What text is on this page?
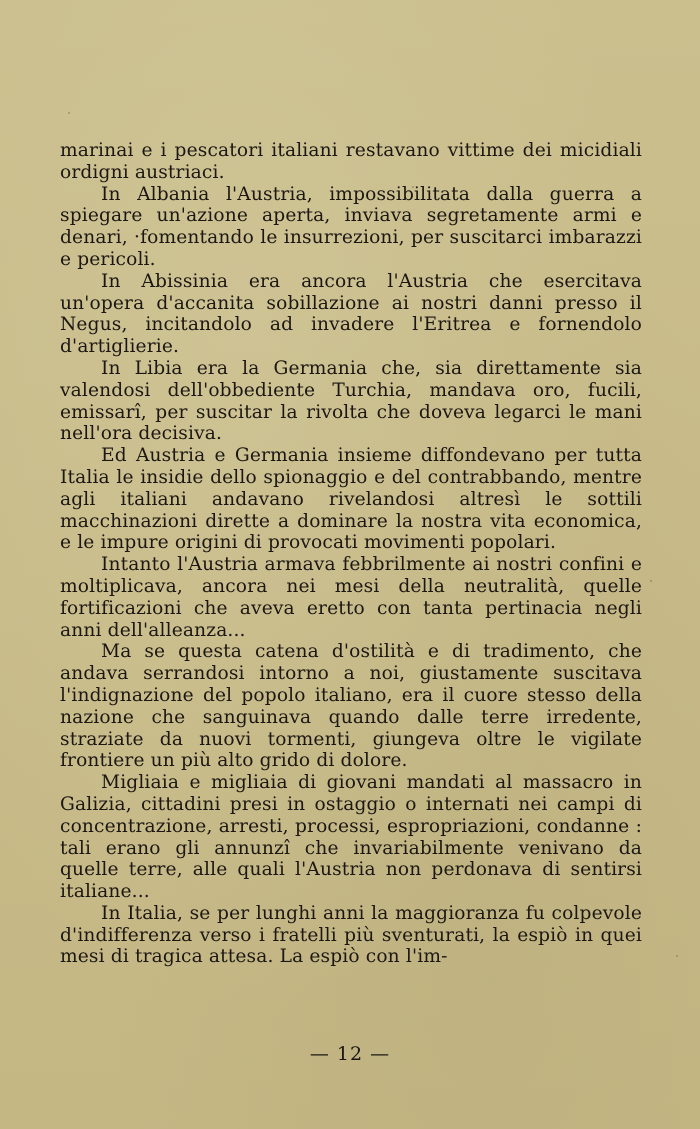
marinai e i pescatori italiani restavano vittime dei micidiali ordigni austriaci.

In Albania l'Austria, impossibilitata dalla guerra a spiegare un'azione aperta, inviava segretamente armi e denari, ·fomentando le insurrezioni, per suscitarci imbarazzi e pericoli.

In Abissinia era ancora l'Austria che esercitava un'opera d'accanita sobillazione ai nostri danni presso il Negus, incitandolo ad invadere l'Eritrea e fornendolo d'artiglierie.

In Libia era la Germania che, sia direttamente sia valendosi dell'obbediente Turchia, mandava oro, fucili, emissarî, per suscitar la rivolta che doveva legarci le mani nell'ora decisiva.

Ed Austria e Germania insieme diffondevano per tutta Italia le insidie dello spionaggio e del contrabbando, mentre agli italiani andavano rivelandosi altresì le sottili macchinazioni dirette a dominare la nostra vita economica, e le impure origini di provocati movimenti popolari.

Intanto l'Austria armava febbrilmente ai nostri confini e moltiplicava, ancora nei mesi della neutralità, quelle fortificazioni che aveva eretto con tanta pertinacia negli anni dell'alleanza...

Ma se questa catena d'ostilità e di tradimento, che andava serrandosi intorno a noi, giustamente suscitava l'indignazione del popolo italiano, era il cuore stesso della nazione che sanguinava quando dalle terre irredente, straziate da nuovi tormenti, giungeva oltre le vigilate frontiere un più alto grido di dolore.

Migliaia e migliaia di giovani mandati al massacro in Galizia, cittadini presi in ostaggio o internati nei campi di concentrazione, arresti, processi, espropriazioni, condanne : tali erano gli annunzî che invariabilmente venivano da quelle terre, alle quali l'Austria non perdonava di sentirsi italiane...

In Italia, se per lunghi anni la maggioranza fu colpevole d'indifferenza verso i fratelli più sventurati, la espiò in quei mesi di tragica attesa. La espiò con l'im-

— 12 —
